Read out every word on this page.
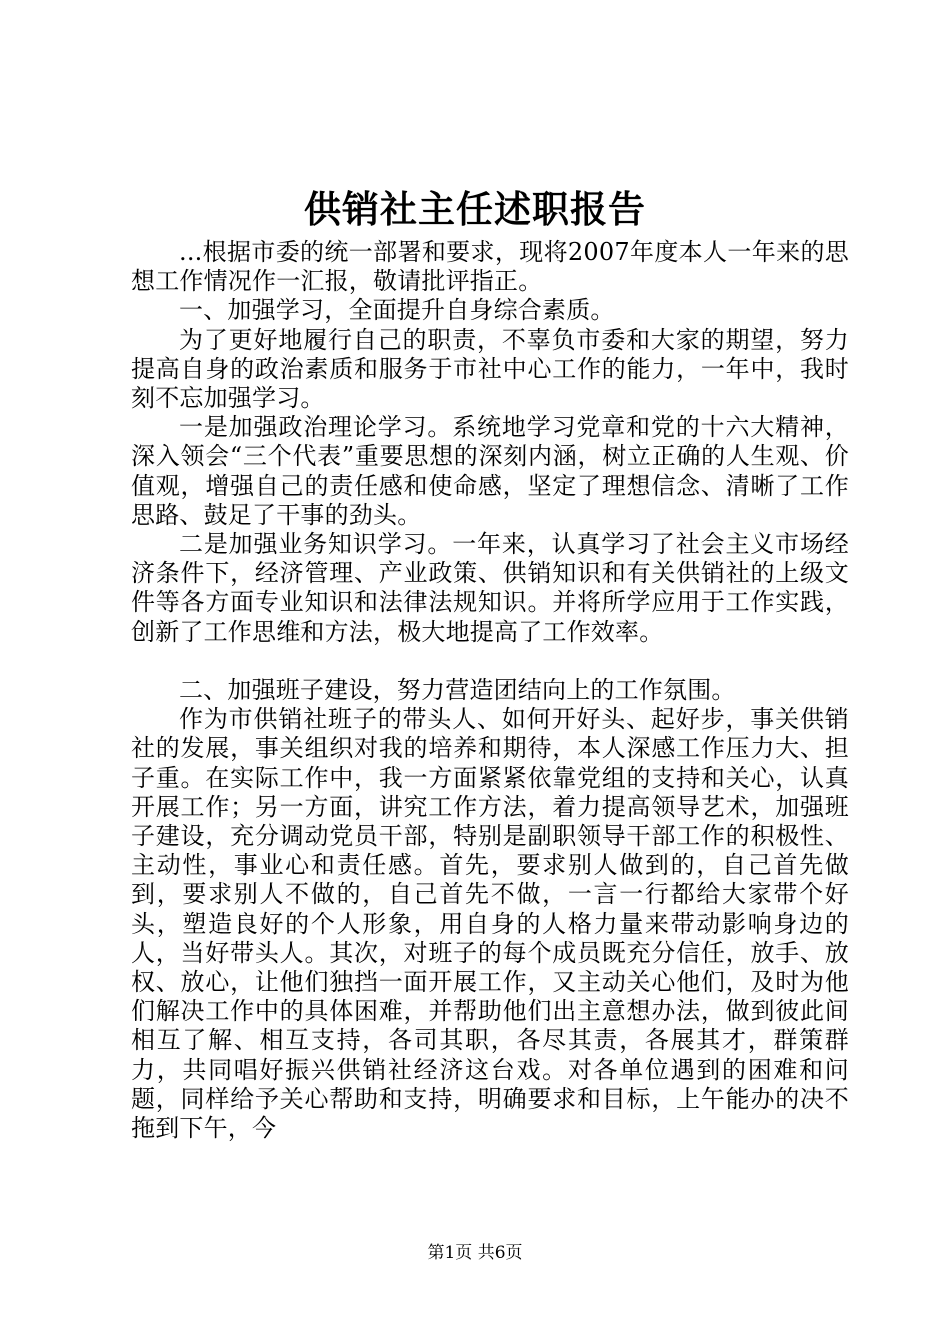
供销社主任述职报告

...根据市委的统一部署和要求，现将2007年度本人一年来的思想工作情况作一汇报，敬请批评指正。

一、加强学习，全面提升自身综合素质。

为了更好地履行自己的职责，不辜负市委和大家的期望，努力提高自身的政治素质和服务于市社中心工作的能力，一年中，我时刻不忘加强学习。

一是加强政治理论学习。系统地学习党章和党的十六大精神，深入领会“三个代表”重要思想的深刻内涵，树立正确的人生观、价值观，增强自己的责任感和使命感，坚定了理想信念、清晰了工作思路、鼓足了干事的劲头。

二是加强业务知识学习。一年来，认真学习了社会主义市场经济条件下，经济管理、产业政策、供销知识和有关供销社的上级文件等各方面专业知识和法律法规知识。并将所学应用于工作实践，创新了工作思维和方法，极大地提高了工作效率。

二、加强班子建设，努力营造团结向上的工作氛围。

作为市供销社班子的带头人、如何开好头、起好步，事关供销社的发展，事关组织对我的培养和期待，本人深感工作压力大、担子重。在实际工作中，我一方面紧紧依靠党组的支持和关心，认真开展工作；另一方面，讲究工作方法，着力提高领导艺术，加强班子建设，充分调动党员干部，特别是副职领导干部工作的积极性、主动性，事业心和责任感。首先，要求别人做到的，自己首先做到，要求别人不做的，自己首先不做，一言一行都给大家带个好头，塑造良好的个人形象，用自身的人格力量来带动影响身边的人，当好带头人。其次，对班子的每个成员既充分信任，放手、放权、放心，让他们独挡一面开展工作，又主动关心他们，及时为他们解决工作中的具体困难，并帮助他们出主意想办法，做到彼此间相互了解、相互支持，各司其职，各尽其责，各展其才，群策群力，共同唱好振兴供销社经济这台戏。对各单位遇到的困难和问题，同样给予关心帮助和支持，明确要求和目标，上午能办的决不拖到下午，今

第1页 共6页
